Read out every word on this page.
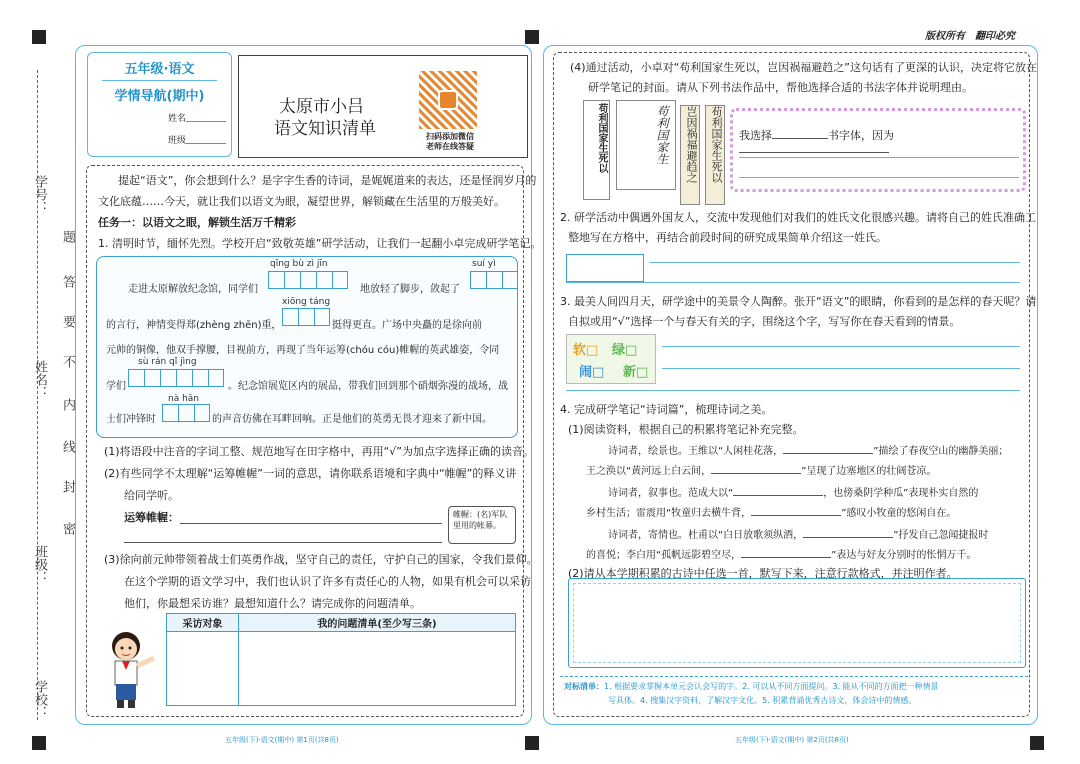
版权所有　翻印必究
学号：
姓名：
班级：
学校：
题
答
要
不
内
线
封
密
五年级·语文
学情导航(期中)
姓名
班级
太原市小吕
语文知识清单	扫码添加微信
老师在线答疑
提起“语文”，你会想到什么？是字字生香的诗词，是娓娓道来的表达，还是怪润岁月的
文化底蕴……今天，就让我们以语文为眼，凝望世界，解锁藏在生活里的万般美好。
任务一：以语文之眼，解锁生活万千精彩
1. 清明时节，缅怀先烈。学校开启“致敬英雄”研学活动，让我们一起翻小卓完成研学笔记。
qīng bù zì jīn	suí yì
走进太原解放纪念馆，同学们	地放轻了脚步，敛起了
xiōng táng
的言行，神情变得郑(zhèng zhēn)重，	挺得更直。广场中央矗的是徐向前
元帅的铜像，他双手撑腰，目视前方，再现了当年运筹(chóu cóu)帷幄的英武雄姿，令同
sù rán qǐ jìng
学们	。纪念馆展览区内的展品，带我们回到那个硝烟弥漫的战场，战
nà hǎn
士们冲锋时	的声音仿佛在耳畔回响。正是他们的英勇无畏才迎来了新中国。
(1)将语段中注音的字词工整、规范地写在田字格中，再用“√”为加点字选择正确的读音。
(2)有些同学不太理解“运筹帷幄”一词的意思，请你联系语境和字典中“帷幄”的释义讲
给同学听。
运筹帷幄：	帷幄：(名)军队里用的帐幕。
(3)徐向前元帅带领着战士们英勇作战，坚守自己的责任，守护自己的国家，令我们景仰。
在这个学期的语文学习中，我们也认识了许多有责任心的人物，如果有机会可以采访
他们，你最想采访谁？最想知道什么？请完成你的问题清单。
采访对象	我的问题清单(至少写三条)

五年级(下)·语文(期中) 第1页(共8页)
(4)通过活动，小卓对“苟利国家生死以，岂因祸福避趋之”这句话有了更深的认识，决定将它放在
研学笔记的封面。请从下列书法作品中，帮他选择合适的书法字体并说明理由。
苟利国家生死以	苟利国家生	岂因祸福避趋之	苟利国家生死以 我选择	书字体，因为
2. 研学活动中偶遇外国友人，交流中发现他们对我们的姓氏文化很感兴趣。请将自己的姓氏准确工
整地写在方格中，再结合前段时间的研究成果简单介绍这一姓氏。
3. 最美人间四月天，研学途中的美景令人陶醉。张开“语文”的眼睛，你看到的是怎样的春天呢？请
自拟或用“√”选择一个与春天有关的字，围绕这个字，写写你在春天看到的情景。
软□ 绿□
闹□ 新□
4. 完成研学笔记“诗词篇”，梳理诗词之美。
(1)阅读资料，根据自己的积累将笔记补充完整。
诗词者，绘景也。王维以“人闲桂花落，	”描绘了春夜空山的幽静美丽；
王之涣以“黄河远上白云间，	”呈现了边塞地区的壮阔苍凉。
诗词者，叙事也。范成大以“	，也傍桑阴学种瓜”表现朴实自然的
乡村生活；雷震用“牧童归去横牛背，	”感叹小牧童的悠闲自在。
诗词者，寄情也。杜甫以“白日放歌须纵酒，	”抒发自己忽闻捷报时
的喜悦；李白用“孤帆远影碧空尽，	”表达与好友分别时的怅惘万千。
(2)请从本学期积累的古诗中任选一首，默写下来，注意行款格式，并注明作者。
对标清单：1. 根据要求掌握本单元会认会写的字。2. 可以从不同方面提问。3. 能从不同的方面把一种情景
写具体。4. 搜集汉字资料，了解汉字文化。5. 积累背诵优秀古诗文，体会诗中的情感。
五年级(下)·语文(期中) 第2页(共8页)
